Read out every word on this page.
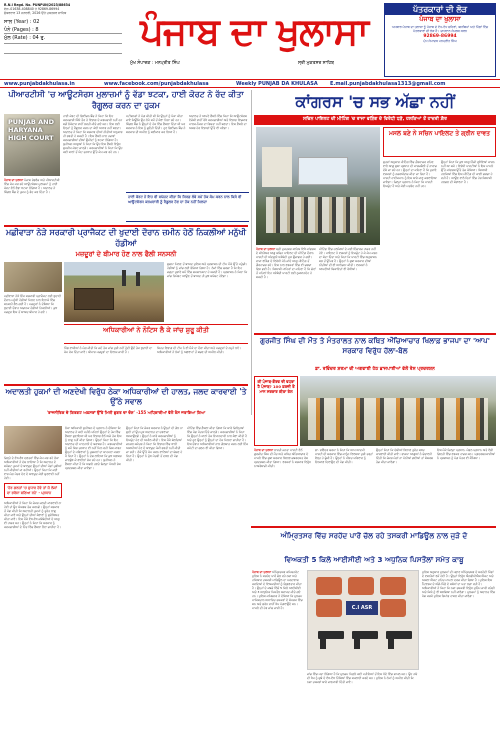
R.N.I Regd. No. PUNPUN/2023/88634
ਫੋਨ:-01638-408840 ਤੇ 92869-86994
ਸ਼ੁੱਕਰਵਾਰ 13 ਜਨਵਰੀ, 2026 ਉਤੇ ਮੁਕਤਸਰ ਸਾਹਿਬ
ਸਾਲ (Year) : 02
ਪੰਨੇ (Pages) : 8
ਮੁੱਲ (Rate) : 04 ਰੁ.	ਪੰਜਾਬ ਦਾ ਖੁਲਾਸਾ
ਮੁੱਖ ਸੰਪਾਦਕ : ਮਨਪ੍ਰੀਤ ਸਿੰਘ	ਸ੍ਰੀ ਮੁਕਤਸਰ ਸਾਹਿਬ
ਪੱਤਰਕਾਰਾਂ ਦੀ ਲੋੜ
ਪੰਜਾਬ ਦਾ ਖੁਲਾਸਾ
ਅਖਬਾਰ ਪੰਜਾਬ ਦਾ ਖੁਲਾਸਾ ਨੂੰ ਪੰਜਾਬ ਦੇ ਵੱਖ-ਵੱਖ ਸ਼ਹਿਰਾਂ, ਕਸਬਿਆਂ ਅਤੇ ਪਿੰਡਾਂ ਵਿੱਚ ਪੱਤਰਕਾਰਾਂ ਦੀ ਲੋੜ ਹੈ। ਚਾਹਵਾਨ ਸੰਪਰਕ ਕਰਨ
92869-86994
ਮੁੱਖ ਸੰਪਾਦਕ ਮਨਪ੍ਰੀਤ ਸਿੰਘ
www.punjabdakhulasa.in	www.facebook.com/punjabdakhulasa	Weekly PUNJAB DA KHULASA E.mail.punjabdakhulasa1313@gmail.com
ਪੀਆਰਟੀਸੀ 'ਚ ਆਊਟਸੋਰਸ ਮੁਲਾਜ਼ਮਾਂ ਨੂੰ ਵੱਡਾ ਝਟਕਾ, ਹਾਈ ਕੋਰਟ ਨੇ ਰੱਦ ਕੀਤਾ ਰੈਗੂਲਰ ਕਰਨ ਦਾ ਹੁਕਮ
PUNJAB AND HARYANA HIGH COURT
ਪੰਜਾਬ ਦਾ ਖੁਲਾਸਾ ਪੰਜਾਬ ਰੋਡਵੇਜ਼ ਅਤੇ ਪੀਆਰਟੀਸੀ ਵਿੱਚ ਕੰਮ ਕਰ ਰਹੇ ਆਊਟਸੋਰਸ ਮੁਲਾਜ਼ਮਾਂ ਨੂੰ ਹਾਈ ਕੋਰਟ ਵੱਲੋਂ ਵੱਡਾ ਝਟਕਾ ਲੱਗਿਆ ਹੈ। ਅਦਾਲਤ ਨੇ ਸਿੰਗਲ ਬੈਂਚ ਦੇ ਹੁਕਮ ਨੂੰ ਰੱਦ ਕਰ ਦਿੱਤਾ ਹੈ।
ਹਾਈ ਕੋਰਟ ਦੀ ਡਿਵੀਜ਼ਨ ਬੈਂਚ ਨੇ ਕਿਹਾ ਕਿ ਇਹ ਕਰਮਚਾਰੀ ਸਿੱਧੇ ਤੌਰ ਤੇ ਵਿਭਾਗ ਦੇ ਕਰਮਚਾਰੀ ਨਹੀਂ ਹਨ ਸਗੋਂ ਠੇਕੇਦਾਰ ਰਾਹੀਂ ਭਰਤੀ ਕੀਤੇ ਗਏ ਸਨ। ਇਸ ਲਈ ਇਨ੍ਹਾਂ ਨੂੰ ਰੈਗੂਲਰ ਕਰਨ ਦਾ ਕੋਈ ਅਧਾਰ ਨਹੀਂ ਬਣਦਾ। ਅਦਾਲਤ ਨੇ ਕਿਹਾ ਕਿ ਸਰਕਾਰ ਦੀਆਂ ਨੀਤੀਆਂ ਅਨੁਸਾਰ ਹੀ ਭਰਤੀ ਹੋ ਸਕਦੀ ਹੈ। ਇਸ ਫ਼ੈਸਲੇ ਨਾਲ ਹਜ਼ਾਰਾਂ ਕਰਮਚਾਰੀਆਂ ਦੀਆਂ ਉਮੀਦਾਂ ਨੂੰ ਝਟਕਾ ਲੱਗਿਆ ਹੈ। ਯੂਨੀਅਨ ਆਗੂਆਂ ਨੇ ਕਿਹਾ ਕਿ ਉਹ ਇਸ ਫ਼ੈਸਲੇ ਵਿਰੁੱਧ ਸੁਪਰੀਮ ਕੋਰਟ ਜਾਣਗੇ। ਕਰਮਚਾਰੀਆਂ ਨੇ ਕਿਹਾ ਕਿ ਉਹ ਕਈ ਸਾਲਾਂ ਤੋਂ ਘੱਟ ਤਨਖਾਹ ਉੱਤੇ ਕੰਮ ਕਰ ਰਹੇ ਹਨ।
ਪਟੀਸ਼ਨਰਾਂ ਨੇ ਮੰਗ ਕੀਤੀ ਸੀ ਕਿ ਉਨ੍ਹਾਂ ਨੂੰ ਪੱਕਾ ਕੀਤਾ ਜਾਵੇ ਕਿਉਂਕਿ ਉਹ ਲੰਮੇ ਸਮੇਂ ਤੋਂ ਸੇਵਾ ਨਿਭਾ ਰਹੇ ਹਨ। ਸਿੰਗਲ ਬੈਂਚ ਨੇ ਉਨ੍ਹਾਂ ਦੇ ਹੱਕ ਵਿੱਚ ਫ਼ੈਸਲਾ ਦਿੱਤਾ ਸੀ ਪਰ ਸਰਕਾਰ ਨੇ ਇਸ ਨੂੰ ਚੁਣੌਤੀ ਦਿੱਤੀ। ਹੁਣ ਡਿਵੀਜ਼ਨ ਬੈਂਚ ਨੇ ਸਰਕਾਰ ਦੀ ਅਪੀਲ ਨੂੰ ਸਵੀਕਾਰ ਕਰ ਲਿਆ ਹੈ।
ਅਦਾਲਤ ਨੇ ਆਪਣੇ ਫ਼ੈਸਲੇ ਵਿੱਚ ਕਿਹਾ ਕਿ ਆਊਟਸੋਰਸ ਏਜੰਸੀ ਰਾਹੀਂ ਰੱਖੇ ਕਰਮਚਾਰੀਆਂ ਅਤੇ ਵਿਭਾਗ ਵਿਚਕਾਰ ਮਾਲਕ-ਨੌਕਰ ਦਾ ਰਿਸ਼ਤਾ ਨਹੀਂ ਬਣਦਾ। ਇਸ ਫ਼ੈਸਲੇ ਦਾ ਅਸਰ ਹੋਰ ਵਿਭਾਗਾਂ ਉੱਤੇ ਵੀ ਪਵੇਗਾ।
ਹਾਈ ਕੋਰਟ ਨੇ ਇਹ ਵੀ ਸਪੱਸ਼ਟ ਕੀਤਾ ਕਿ ਸਿਰਫ਼ ਲੰਬੇ ਸਮੇਂ ਤੱਕ ਕੰਮ ਕਰਨ ਨਾਲ ਕਿਸੇ ਵੀ ਆਊਟਸੋਰਸ ਕਰਮਚਾਰੀ ਨੂੰ ਰੈਗੂਲਰ ਹੋਣ ਦਾ ਹੱਕ ਨਹੀਂ ਮਿਲਦਾ
ਮਛੀਵਾੜਾ ਨੇੜੇ ਸਰਕਾਰੀ ਪ੍ਰਾਜੈਕਟ ਦੀ ਖੁਦਾਈ ਦੌਰਾਨ ਜ਼ਮੀਨ ਹੇਠੋਂ ਨਿਕਲੀਆਂ ਮਨੁੱਖੀ ਹੱਡੀਆਂ
ਮਜ਼ਦੂਰਾਂ ਦੇ ਬੀਮਾਰ ਹੋਣ ਨਾਲ ਫੈਲੀ ਸਨਸਨੀ
ਮਛੀਵਾੜਾ ਨੇੜੇ ਇੱਕ ਸਰਕਾਰੀ ਪ੍ਰਾਜੈਕਟ ਲਈ ਖੁਦਾਈ ਦੌਰਾਨ ਮਨੁੱਖੀ ਹੱਡੀਆਂ ਮਿਲਣ ਨਾਲ ਇਲਾਕੇ ਵਿੱਚ ਸਨਸਨੀ ਫੈਲ ਗਈ ਹੈ। ਮਜ਼ਦੂਰਾਂ ਨੇ ਦੱਸਿਆ ਕਿ ਖੁਦਾਈ ਦੌਰਾਨ ਅਚਾਨਕ ਹੱਡੀਆਂ ਨਿਕਲੀਆਂ। ਕੁਝ ਮਜ਼ਦੂਰ ਇਸ ਤੋਂ ਬਾਅਦ ਬੀਮਾਰ ਹੋ ਗਏ।
ਸੂਚਨਾ ਮਿਲਣ ਤੋਂ ਬਾਅਦ ਪੁਲਿਸ ਅਤੇ ਪ੍ਰਸ਼ਾਸਨ ਦੀ ਟੀਮ ਮੌਕੇ ਉੱਤੇ ਪਹੁੰਚੀ। ਹੱਡੀਆਂ ਨੂੰ ਜਾਂਚ ਲਈ ਭੇਜਿਆ ਗਿਆ ਹੈ। ਲੋਕਾਂ ਵਿੱਚ ਚਰਚਾ ਹੈ ਕਿ ਇਹ ਜਗ੍ਹਾ ਪੁਰਾਣੇ ਸਮੇਂ ਵਿੱਚ ਸ਼ਮਸ਼ਾਨਘਾਟ ਹੋ ਸਕਦੀ ਹੈ। ਪ੍ਰਸ਼ਾਸਨ ਨੇ ਕਿਹਾ ਕਿ ਜਾਂਚ ਰਿਪੋਰਟ ਆਉਣ ਤੋਂ ਬਾਅਦ ਹੀ ਕੁਝ ਸਪੱਸ਼ਟ ਹੋਵੇਗਾ।
ਅਧਿਕਾਰੀਆਂ ਨੇ ਨੋਟਿਸ ਲੈ ਕੇ ਜਾਂਚ ਸ਼ੁਰੂ ਕੀਤੀ
ਪਿੰਡ ਵਾਸੀਆਂ ਨੇ ਮੰਗ ਕੀਤੀ ਕਿ ਜਦੋਂ ਤੱਕ ਜਾਂਚ ਪੂਰੀ ਨਹੀਂ ਹੁੰਦੀ ਉਦੋਂ ਤੱਕ ਖੁਦਾਈ ਦਾ ਕੰਮ ਰੋਕ ਦਿੱਤਾ ਜਾਵੇ। ਬੀਮਾਰ ਮਜ਼ਦੂਰਾਂ ਦਾ ਇਲਾਜ ਜਾਰੀ ਹੈ।
ਸਿਹਤ ਵਿਭਾਗ ਦੀ ਟੀਮ ਨੇ ਵੀ ਮੌਕੇ ਦਾ ਦੌਰਾ ਕੀਤਾ ਅਤੇ ਮਜ਼ਦੂਰਾਂ ਦੇ ਨਮੂਨੇ ਲਏ। ਅਧਿਕਾਰੀਆਂ ਨੇ ਲੋਕਾਂ ਨੂੰ ਅਫ਼ਵਾਹਾਂ ਤੋਂ ਬਚਣ ਦੀ ਅਪੀਲ ਕੀਤੀ।
ਅਦਾਲਤੀ ਹੁਕਮਾਂ ਦੀ ਅਣਦੇਖੀ ਵਿਰੁੱਧ ਠੇਕਾ ਅਧਿਕਾਰੀਆਂ ਦੀ ਹਾਲਤ, ਜਲਦ ਕਾਰਵਾਈ 'ਤੇ ਉੱਠੇ ਸਵਾਲ
'ਰਾਜਨੀਤਿਕ ਦੇ ਗਿਰਗਟ ਅਫ਼ਸਰਾਂ ਉੱਤੇ ਮਿਲੀ ਭੁਗਤ ਦਾ ਦੋਸ਼' -155 ਅਧਿਕਾਰੀਆਂ ਵੱਲੋਂ ਰੋਸ ਜਤਾਇਆ ਗਿਆ
ਜ਼ਿਲ੍ਹੇ ਦੇ ਵੱਖ-ਵੱਖ ਦਫ਼ਤਰਾਂ ਵਿੱਚ ਕੰਮ ਕਰ ਰਹੇ ਠੇਕਾ ਅਧਿਕਾਰੀਆਂ ਨੇ ਦੋਸ਼ ਲਾਇਆ ਹੈ ਕਿ ਅਦਾਲਤ ਦੇ ਸਪੱਸ਼ਟ ਹੁਕਮਾਂ ਦੇ ਬਾਵਜੂਦ ਉਨ੍ਹਾਂ ਦੀਆਂ ਮੰਗਾਂ ਪੂਰੀਆਂ ਨਹੀਂ ਕੀਤੀਆਂ ਜਾ ਰਹੀਆਂ। ਉਨ੍ਹਾਂ ਕਿਹਾ ਕਿ ਕਈ ਵਾਰ ਮੰਗ ਪੱਤਰ ਦੇਣ ਦੇ ਬਾਵਜੂਦ ਕੋਈ ਸੁਣਵਾਈ ਨਹੀਂ ਹੋਈ।
'ਹੋਰ ਗਲਤਾਂ 'ਚ ਸੁਧਾਰ ਹੋਵੇ ਤਾਂ ਜੋ ਲੋਕਾਂ ਦਾ ਭਰੋਸਾ ਬਣਿਆ ਰਹੇ' - ਪ੍ਰਧਾਨ
ਅਧਿਕਾਰੀਆਂ ਨੇ ਕਿਹਾ ਕਿ ਜੇਕਰ ਜਲਦੀ ਕਾਰਵਾਈ ਨਾ ਹੋਈ ਤਾਂ ਉਹ ਸੰਘਰਸ਼ ਤੇਜ਼ ਕਰਨਗੇ। ਉਨ੍ਹਾਂ ਸਰਕਾਰ ਤੋਂ ਮੰਗ ਕੀਤੀ ਕਿ ਅਦਾਲਤੀ ਹੁਕਮਾਂ ਨੂੰ ਤੁਰੰਤ ਲਾਗੂ ਕੀਤਾ ਜਾਵੇ ਅਤੇ ਉਨ੍ਹਾਂ ਦੀਆਂ ਸੇਵਾਵਾਂ ਨੂੰ ਸੁਰੱਖਿਅਤ ਕੀਤਾ ਜਾਵੇ। ਇਸ ਮੌਕੇ ਵੱਖ-ਵੱਖ ਜਥੇਬੰਦੀਆਂ ਦੇ ਆਗੂ ਵੀ ਹਾਜ਼ਰ ਸਨ। ਉਨ੍ਹਾਂ ਨੇ ਕਿਹਾ ਕਿ ਸਰਕਾਰ ਨੂੰ ਕਰਮਚਾਰੀਆਂ ਦੇ ਹਿੱਤ ਵਿੱਚ ਫ਼ੈਸਲਾ ਲੈਣਾ ਚਾਹੀਦਾ ਹੈ।
ਠੇਕਾ ਅਧਿਕਾਰੀ ਯੂਨੀਅਨ ਦੇ ਪ੍ਰਧਾਨ ਨੇ ਦੱਸਿਆ ਕਿ ਅਦਾਲਤ ਨੇ ਕਈ ਮਹੀਨੇ ਪਹਿਲਾਂ ਉਨ੍ਹਾਂ ਦੇ ਹੱਕ ਵਿੱਚ ਫ਼ੈਸਲਾ ਸੁਣਾਇਆ ਸੀ ਪਰ ਵਿਭਾਗ ਵੱਲੋਂ ਅਜੇ ਤੱਕ ਇਸ ਨੂੰ ਲਾਗੂ ਨਹੀਂ ਕੀਤਾ ਗਿਆ। ਉਨ੍ਹਾਂ ਕਿਹਾ ਕਿ ਇਹ ਅਦਾਲਤ ਦੀ ਮਾਣਹਾਨੀ ਦੇ ਬਰਾਬਰ ਹੈ। ਕਰਮਚਾਰੀਆਂ ਨੂੰ ਸਮੇਂ ਸਿਰ ਤਨਖਾਹ ਵੀ ਨਹੀਂ ਮਿਲ ਰਹੀ ਜਿਸ ਕਾਰਨ ਉਨ੍ਹਾਂ ਦੇ ਪਰਿਵਾਰਾਂ ਨੂੰ ਮੁਸ਼ਕਲਾਂ ਦਾ ਸਾਹਮਣਾ ਕਰਨਾ ਪੈ ਰਿਹਾ ਹੈ। ਉਨ੍ਹਾਂ ਨੇ ਦੋਸ਼ ਲਾਇਆ ਕਿ ਕੁਝ ਅਫ਼ਸਰ ਜਾਣਬੁੱਝ ਕੇ ਫਾਈਲਾਂ ਰੋਕ ਰਹੇ ਹਨ। ਯੂਨੀਅਨ ਨੇ ਫ਼ੈਸਲਾ ਕੀਤਾ ਹੈ ਕਿ ਅਗਲੇ ਹਫ਼ਤੇ ਜ਼ਿਲ੍ਹਾ ਪੱਧਰੀ ਰੋਸ ਪ੍ਰਦਰਸ਼ਨ ਕੀਤਾ ਜਾਵੇਗਾ।
ਉਨ੍ਹਾਂ ਕਿਹਾ ਕਿ ਜੇਕਰ ਸਰਕਾਰ ਨੇ ਉਨ੍ਹਾਂ ਦੀ ਗੱਲ ਨਾ ਸੁਣੀ ਤਾਂ ਉਹ ਮੁੜ ਅਦਾਲਤ ਦਾ ਦਰਵਾਜ਼ਾ ਖੜਕਾਉਣਗੇ। ਉਨ੍ਹਾਂ ਨੇ ਸਾਰੇ ਕਰਮਚਾਰੀਆਂ ਨੂੰ ਇਕਜੁੱਟ ਹੋਣ ਦੀ ਅਪੀਲ ਕੀਤੀ। ਇਸ ਮੌਕੇ ਬੋਲਦਿਆਂ ਜਨਰਲ ਸਕੱਤਰ ਨੇ ਕਿਹਾ ਕਿ ਵਿਭਾਗ ਵਿੱਚ ਖਾਲੀ ਅਸਾਮੀਆਂ ਹੋਣ ਦੇ ਬਾਵਜੂਦ ਪੱਕੀ ਭਰਤੀ ਨਹੀਂ ਕੀਤੀ ਜਾ ਰਹੀ। ਠੇਕੇ ਉੱਤੇ ਕੰਮ ਕਰਨ ਵਾਲਿਆਂ ਦਾ ਸ਼ੋਸ਼ਣ ਹੋ ਰਿਹਾ ਹੈ। ਉਨ੍ਹਾਂ ਨੇ ਮੁੱਖ ਮੰਤਰੀ ਤੋਂ ਦਖ਼ਲ ਦੀ ਮੰਗ ਕੀਤੀ।
ਮੀਟਿੰਗ ਵਿੱਚ ਫ਼ੈਸਲਾ ਕੀਤਾ ਗਿਆ ਕਿ ਸਾਰੇ ਜ਼ਿਲ੍ਹਿਆਂ ਵਿੱਚ ਮੰਗ ਪੱਤਰ ਦਿੱਤੇ ਜਾਣਗੇ। ਕਰਮਚਾਰੀਆਂ ਨੇ ਕਿਹਾ ਕਿ ਉਨ੍ਹਾਂ ਨੇ ਸਾਲਾਂ ਤੱਕ ਇਮਾਨਦਾਰੀ ਨਾਲ ਸੇਵਾ ਕੀਤੀ ਹੈ ਅਤੇ ਹੁਣ ਉਨ੍ਹਾਂ ਨੂੰ ਉਨ੍ਹਾਂ ਦਾ ਹੱਕ ਮਿਲਣਾ ਚਾਹੀਦਾ ਹੈ। ਇਸ ਦੌਰਾਨ ਅਧਿਕਾਰੀਆਂ ਨਾਲ ਗੱਲਬਾਤ ਕਰਨ ਲਈ ਇੱਕ ਕਮੇਟੀ ਦਾ ਗਠਨ ਵੀ ਕੀਤਾ ਗਿਆ।
ਕਾਂਗਰਸ 'ਚ ਸਭ ਅੱਛਾ ਨਹੀਂ
ਸਚਿਨ ਪਾਇਲਟ ਦੀ ਮੀਟਿੰਗ 'ਚ ਰਾਜਾ ਵੜਿੰਗ ਦੇ ਵਿਰੋਧੀ ਧੜੇ, ਹਲਕਿਆਂ ਤੋਂ ਹਾਜ਼ਰੀ ਗ਼ੈਰ
ਪੰਜਾਬ ਦਾ ਖੁਲਾਸਾ ਸ੍ਰੀ ਮੁਕਤਸਰ ਸਾਹਿਬ ਵਿਖੇ ਕਾਂਗਰਸ ਦੇ ਸੀਨੀਅਰ ਆਗੂ ਸਚਿਨ ਪਾਇਲਟ ਦੀ ਮੀਟਿੰਗ ਦੌਰਾਨ ਪਾਰਟੀ ਦੀ ਅੰਦਰੂਨੀ ਧੜੇਬੰਦੀ ਮੁੜ ਉਜਾਗਰ ਹੋ ਗਈ। ਰਾਜਾ ਵੜਿੰਗ ਦੇ ਵਿਰੋਧੀ ਮੰਨੇ ਜਾਂਦੇ ਆਗੂ ਮੀਟਿੰਗ ਤੋਂ ਗ਼ੈਰਹਾਜ਼ਰ ਰਹੇ। ਇਸ ਨਾਲ ਵਰਕਰਾਂ ਵਿੱਚ ਵੀ ਚਰਚਾ ਛਿੜ ਗਈ ਹੈ। ਸਿਆਸੀ ਮਾਹਿਰਾਂ ਦਾ ਕਹਿਣਾ ਹੈ ਕਿ ਚੋਣਾਂ ਤੋਂ ਪਹਿਲਾਂ ਇਹ ਧੜੇਬੰਦੀ ਪਾਰਟੀ ਲਈ ਨੁਕਸਾਨਦੇਹ ਹੋ ਸਕਦੀ ਹੈ।
ਮੀਟਿੰਗ ਵਿੱਚ ਹਲਕਿਆਂ ਦੇ ਕਈ ਇੰਚਾਰਜ ਹਾਜ਼ਰ ਨਹੀਂ ਹੋਏ। ਪਾਇਲਟ ਨੇ ਵਰਕਰਾਂ ਨੂੰ ਇਕਜੁੱਟ ਹੋ ਕੇ ਕੰਮ ਕਰਨ ਦਾ ਸੱਦਾ ਦਿੱਤਾ ਅਤੇ ਕਿਹਾ ਕਿ ਪਾਰਟੀ ਵਿੱਚ ਅਨੁਸ਼ਾਸਨ ਸਭ ਤੋਂ ਉੱਪਰ ਹੈ। ਉਨ੍ਹਾਂ ਨੇ ਸੂਬਾ ਸਰਕਾਰ ਦੀਆਂ ਨੀਤੀਆਂ ਦੀ ਵੀ ਆਲੋਚਨਾ ਕੀਤੀ। ਵਰਕਰਾਂ ਨੇ ਆਪਣੀਆਂ ਸ਼ਿਕਾਇਤਾਂ ਵੀ ਰੱਖੀਆਂ।
ਮਸਲ ਬਣੇ ਨੇ ਸਚਿਨ ਪਾਇਲਟ ਤੇ ਗ੍ਰੀਨ ਦਾਵਤ
ਸੂਤਰਾਂ ਅਨੁਸਾਰ ਮੀਟਿੰਗ ਵਿੱਚ ਗ਼ੈਰਹਾਜ਼ਰ ਰਹਿਣ ਵਾਲੇ ਆਗੂ ਸੂਬਾ ਪ੍ਰਧਾਨ ਦੀ ਕਾਰਜਸ਼ੈਲੀ ਤੋਂ ਨਾਰਾਜ਼ ਦੱਸੇ ਜਾ ਰਹੇ ਹਨ। ਉਨ੍ਹਾਂ ਦਾ ਕਹਿਣਾ ਹੈ ਕਿ ਪੁਰਾਣੇ ਵਰਕਰਾਂ ਨੂੰ ਨਜ਼ਰਅੰਦਾਜ਼ ਕੀਤਾ ਜਾ ਰਿਹਾ ਹੈ। ਪਾਰਟੀ ਹਾਈਕਮਾਨ ਨੂੰ ਇਸ ਬਾਰੇ ਜਾਣੂ ਕਰਵਾਇਆ ਜਾਵੇਗਾ। ਜ਼ਿਲ੍ਹਾ ਪ੍ਰਧਾਨ ਨੇ ਕਿਹਾ ਕਿ ਪਾਰਟੀ ਇਕਜੁੱਟ ਹੈ ਅਤੇ ਕੋਈ ਮਤਭੇਦ ਨਹੀਂ ਹਨ।
ਉਨ੍ਹਾਂ ਕਿਹਾ ਕਿ ਕੁਝ ਆਗੂ ਨਿੱਜੀ ਰੁਝੇਵਿਆਂ ਕਾਰਨ ਨਹੀਂ ਆ ਸਕੇ। ਵਿਰੋਧੀ ਪਾਰਟੀਆਂ ਨੇ ਇਸ ਮਾਮਲੇ ਉੱਤੇ ਕਾਂਗਰਸ ਉੱਤੇ ਤੰਜ ਕੱਸਿਆ। ਸਿਆਸੀ ਹਲਕਿਆਂ ਵਿੱਚ ਇਸ ਮੀਟਿੰਗ ਦੀ ਕਾਫ਼ੀ ਚਰਚਾ ਹੋ ਰਹੀ ਹੈ। ਆਉਣ ਵਾਲੇ ਦਿਨਾਂ ਵਿੱਚ ਹੋਰ ਸਿਆਸੀ ਹਲਚਲ ਦੀ ਸੰਭਾਵਨਾ ਹੈ।
ਗੁਰਜੀਤ ਸਿੰਘ ਦੀ ਮੌਤ ਤੇ ਮੰਤਰਾਲਤ ਨਾਲ ਕਥਿਤ ਔਚਿਆਚਾਰ ਖਿਲਾਫ਼ ਭਾਜਪਾ ਦਾ 'ਆਪ' ਸਰਕਾਰ ਵਿਰੁੱਧ ਹੱਲਾ-ਬੋਲ
ਡਾ. ਰਵਿੰਦਰ ਸ਼ਰਮਾ ਦੀ ਅਗਵਾਈ ਹੇਠ ਭਾਜਪਾਈਆਂ ਵੱਲੋਂ ਰੋਸ ਪ੍ਰਦਰਸ਼ਨ
ਕੀ ਪੰਜਾਬ-ਗੌਰਵ ਦੀ ਵਧਤਾ ਹੈ ਪੰਜਾਬ? 100 ਫ਼ਰਜ਼ੀ ਤੋਂ ਮਾਨ ਸਰਕਾਰ ਕੀਤਾ ਤੇਲ
ਪੰਜਾਬ ਦਾ ਖੁਲਾਸਾ ਭਾਰਤੀ ਜਨਤਾ ਪਾਰਟੀ ਵੱਲੋਂ ਗੁਰਜੀਤ ਸਿੰਘ ਦੀ ਮੌਤ ਅਤੇ ਕਥਿਤ ਅੱਤਿਆਚਾਰ ਦੇ ਮਾਮਲੇ ਵਿੱਚ ਸੂਬਾ ਸਰਕਾਰ ਖ਼ਿਲਾਫ਼ ਜ਼ਬਰਦਸਤ ਰੋਸ ਪ੍ਰਦਰਸ਼ਨ ਕੀਤਾ ਗਿਆ। ਵਰਕਰਾਂ ਨੇ ਸਰਕਾਰ ਵਿਰੁੱਧ ਨਾਅਰੇਬਾਜ਼ੀ ਕੀਤੀ।
ਡਾ. ਰਵਿੰਦਰ ਸ਼ਰਮਾ ਨੇ ਕਿਹਾ ਕਿ ਆਮ ਆਦਮੀ ਪਾਰਟੀ ਦੀ ਸਰਕਾਰ ਵਿੱਚ ਕਾਨੂੰਨ ਵਿਵਸਥਾ ਪੂਰੀ ਤਰ੍ਹਾਂ ਫੇਲ੍ਹ ਹੋ ਚੁੱਕੀ ਹੈ। ਉਨ੍ਹਾਂ ਨੇ ਪੀੜਤ ਪਰਿਵਾਰ ਨੂੰ ਇਨਸਾਫ਼ ਦਿਵਾਉਣ ਦੀ ਮੰਗ ਕੀਤੀ।
ਉਨ੍ਹਾਂ ਕਿਹਾ ਕਿ ਦੋਸ਼ੀਆਂ ਖ਼ਿਲਾਫ਼ ਤੁਰੰਤ ਸਖ਼ਤ ਕਾਰਵਾਈ ਕੀਤੀ ਜਾਵੇ। ਭਾਜਪਾ ਆਗੂਆਂ ਨੇ ਚੇਤਾਵਨੀ ਦਿੱਤੀ ਕਿ ਜੇਕਰ ਮੰਗਾਂ ਨਾ ਮੰਨੀਆਂ ਗਈਆਂ ਤਾਂ ਸੰਘਰਸ਼ ਤੇਜ਼ ਕੀਤਾ ਜਾਵੇਗਾ।
ਇਸ ਮੌਕੇ ਜ਼ਿਲ੍ਹਾ ਪ੍ਰਧਾਨ, ਮੰਡਲ ਪ੍ਰਧਾਨ ਅਤੇ ਵੱਡੀ ਗਿਣਤੀ ਵਿੱਚ ਵਰਕਰ ਹਾਜ਼ਰ ਸਨ। ਪ੍ਰਦਰਸ਼ਨਕਾਰੀਆਂ ਨੇ ਪ੍ਰਸ਼ਾਸਨ ਨੂੰ ਮੰਗ ਪੱਤਰ ਵੀ ਸੌਂਪਿਆ।
ਅੰਮ੍ਰਿਤਸਰ ਵਿੱਚ ਸਰਹੱਦ ਪਾਰੋਂ ਚੱਲ ਰਹੇ ਤਸਕਰੀ ਮਾਡਿਊਲ ਨਾਲ ਜੁੜੇ ਦੋ
ਵਿਅਕਤੀ 5 ਕਿਲੋ ਆਈਸੀਈ ਅਤੇ 3 ਅਧੁਨਿਕ ਪਿਸਤੌਲਾਂ ਸਮੇਤ ਕਾਬੂ
ਪੰਜਾਬ ਦਾ ਖੁਲਾਸਾ ਅੰਮ੍ਰਿਤਸਰ ਕਮਿਸ਼ਨਰੇਟ ਪੁਲਿਸ ਨੇ ਸਰਹੱਦ ਪਾਰੋਂ ਚੱਲ ਰਹੇ ਨਸ਼ਾ ਅਤੇ ਹਥਿਆਰ ਤਸਕਰੀ ਮਾਡਿਊਲ ਦਾ ਪਰਦਾਫਾਸ਼ ਕਰਦਿਆਂ ਦੋ ਵਿਅਕਤੀਆਂ ਨੂੰ ਗ੍ਰਿਫ਼ਤਾਰ ਕੀਤਾ ਹੈ। ਉਨ੍ਹਾਂ ਦੇ ਕਬਜ਼ੇ ਵਿੱਚੋਂ 5 ਕਿਲੋ ਆਈਸੀਈ ਅਤੇ 3 ਆਧੁਨਿਕ ਪਿਸਤੌਲ ਬਰਾਮਦ ਕੀਤੇ ਗਏ ਹਨ। ਪੁਲਿਸ ਕਮਿਸ਼ਨਰ ਨੇ ਦੱਸਿਆ ਕਿ ਮੁਲਜ਼ਮ ਪਾਕਿਸਤਾਨ ਅਧਾਰਿਤ ਤਸਕਰਾਂ ਦੇ ਸੰਪਰਕ ਵਿੱਚ ਸਨ ਅਤੇ ਡਰੋਨ ਰਾਹੀਂ ਖੇਪ ਮੰਗਵਾਉਂਦੇ ਸਨ। ਮਾਮਲੇ ਦੀ ਹੋਰ ਜਾਂਚ ਜਾਰੀ ਹੈ।	C.I ASR
ਪੁਲਿਸ ਅਨੁਸਾਰ ਮੁਲਜ਼ਮਾਂ ਦੀ ਪਛਾਣ ਅੰਮ੍ਰਿਤਸਰ ਦੇ ਸਰਹੱਦੀ ਪਿੰਡਾਂ ਦੇ ਵਸਨੀਕਾਂ ਵਜੋਂ ਹੋਈ ਹੈ। ਉਨ੍ਹਾਂ ਵਿਰੁੱਧ ਐਨਡੀਪੀਐਸ ਐਕਟ ਅਤੇ ਅਸਲਾ ਐਕਟ ਤਹਿਤ ਮਾਮਲਾ ਦਰਜ ਕੀਤਾ ਗਿਆ ਹੈ। ਪੁਲਿਸ ਇਸ ਨੈੱਟਵਰਕ ਦੇ ਅੱਗੇ-ਪਿੱਛੇ ਦੇ ਸਬੰਧਾਂ ਦਾ ਪਤਾ ਲਗਾ ਰਹੀ ਹੈ। ਅਧਿਕਾਰੀਆਂ ਨੇ ਕਿਹਾ ਕਿ ਨਸ਼ਾ ਤਸਕਰੀ ਵਿਰੁੱਧ ਮੁਹਿੰਮ ਜਾਰੀ ਰਹੇਗੀ ਅਤੇ ਕਿਸੇ ਨੂੰ ਵੀ ਬਖ਼ਸ਼ਿਆ ਨਹੀਂ ਜਾਵੇਗਾ। ਮੁਲਜ਼ਮਾਂ ਨੂੰ ਅਦਾਲਤ ਵਿੱਚ ਪੇਸ਼ ਕਰਕੇ ਪੁਲਿਸ ਰਿਮਾਂਡ ਹਾਸਲ ਕੀਤਾ ਜਾਵੇਗਾ।
ਜਾਂਚ ਵਿੱਚ ਪਤਾ ਲੱਗਿਆ ਹੈ ਕਿ ਮੁਲਜ਼ਮ ਪਿਛਲੇ ਕਈ ਮਹੀਨਿਆਂ ਤੋਂ ਇਸ ਧੰਦੇ ਵਿੱਚ ਸ਼ਾਮਲ ਸਨ। ਉਹ ਨਸ਼ੇ ਦੀ ਖੇਪ ਨੂੰ ਸੂਬੇ ਦੇ ਵੱਖ-ਵੱਖ ਹਿੱਸਿਆਂ ਵਿੱਚ ਸਪਲਾਈ ਕਰਦੇ ਸਨ। ਪੁਲਿਸ ਨੇ ਲੋਕਾਂ ਨੂੰ ਅਪੀਲ ਕੀਤੀ ਕਿ ਨਸ਼ਾ ਤਸਕਰਾਂ ਬਾਰੇ ਜਾਣਕਾਰੀ ਦਿੱਤੀ ਜਾਵੇ।
